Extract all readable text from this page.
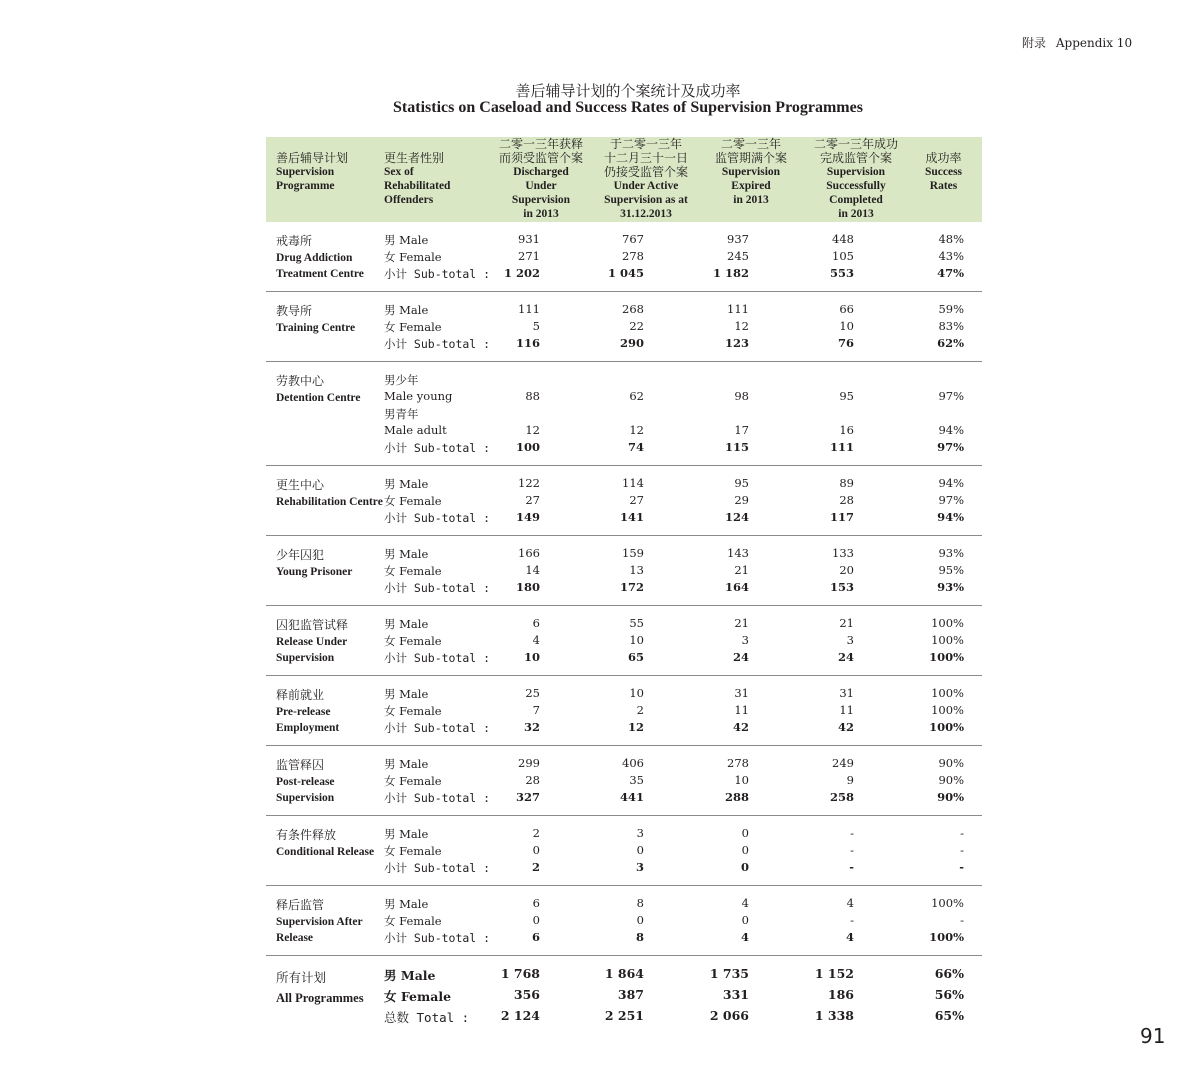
附录 Appendix 10
善后辅导计划的个案统计及成功率
Statistics on Caseload and Success Rates of Supervision Programmes
善后辅导计划
Supervision
Programme
更生者性别
Sex of
Rehabilitated
Offenders
二零一三年获释
而须受监管个案
Discharged
Under
Supervision
in 2013
于二零一三年
十二月三十一日
仍接受监管个案
Under Active
Supervision as at
31.12.2013
二零一三年
监管期满个案
Supervision
Expired
in 2013
二零一三年成功
完成监管个案
Supervision
Successfully
Completed
in 2013
成功率
Success
Rates
戒毒所
Drug Addiction Treatment Centre
男 Male	931	767	937	448	48%
女 Female	271	278	245	105	43%
小计 Sub-total :	1 202	1 045	1 182	553	47%
教导所
Training Centre
男 Male	111	268	111	66	59%
女 Female	5	22	12	10	83%
小计 Sub-total :	116	290	123	76	62%
劳教中心
Detention Centre
男少年
Male young	88	62	98	95	97%
男青年
Male adult	12	12	17	16	94%
小计 Sub-total :	100	74	115	111	97%
更生中心
Rehabilitation Centre
男 Male	122	114	95	89	94%
女 Female	27	27	29	28	97%
小计 Sub-total :	149	141	124	117	94%
少年囚犯
Young Prisoner
男 Male	166	159	143	133	93%
女 Female	14	13	21	20	95%
小计 Sub-total :	180	172	164	153	93%
囚犯监管试释
Release Under Supervision
男 Male	6	55	21	21	100%
女 Female	4	10	3	3	100%
小计 Sub-total :	10	65	24	24	100%
释前就业
Pre-release Employment
男 Male	25	10	31	31	100%
女 Female	7	2	11	11	100%
小计 Sub-total :	32	12	42	42	100%
监管释囚
Post-release Supervision
男 Male	299	406	278	249	90%
女 Female	28	35	10	9	90%
小计 Sub-total :	327	441	288	258	90%
有条件释放
Conditional Release
男 Male	2	3	0	-	-
女 Female	0	0	0	-	-
小计 Sub-total :	2	3	0	-	-
释后监管
Supervision After Release
男 Male	6	8	4	4	100%
女 Female	0	0	0	-	-
小计 Sub-total :	6	8	4	4	100%
所有计划
All Programmes
男 Male	1 768	1 864	1 735	1 152	66%
女 Female	356	387	331	186	56%
总数 Total :	2 124	2 251	2 066	1 338	65%
91
